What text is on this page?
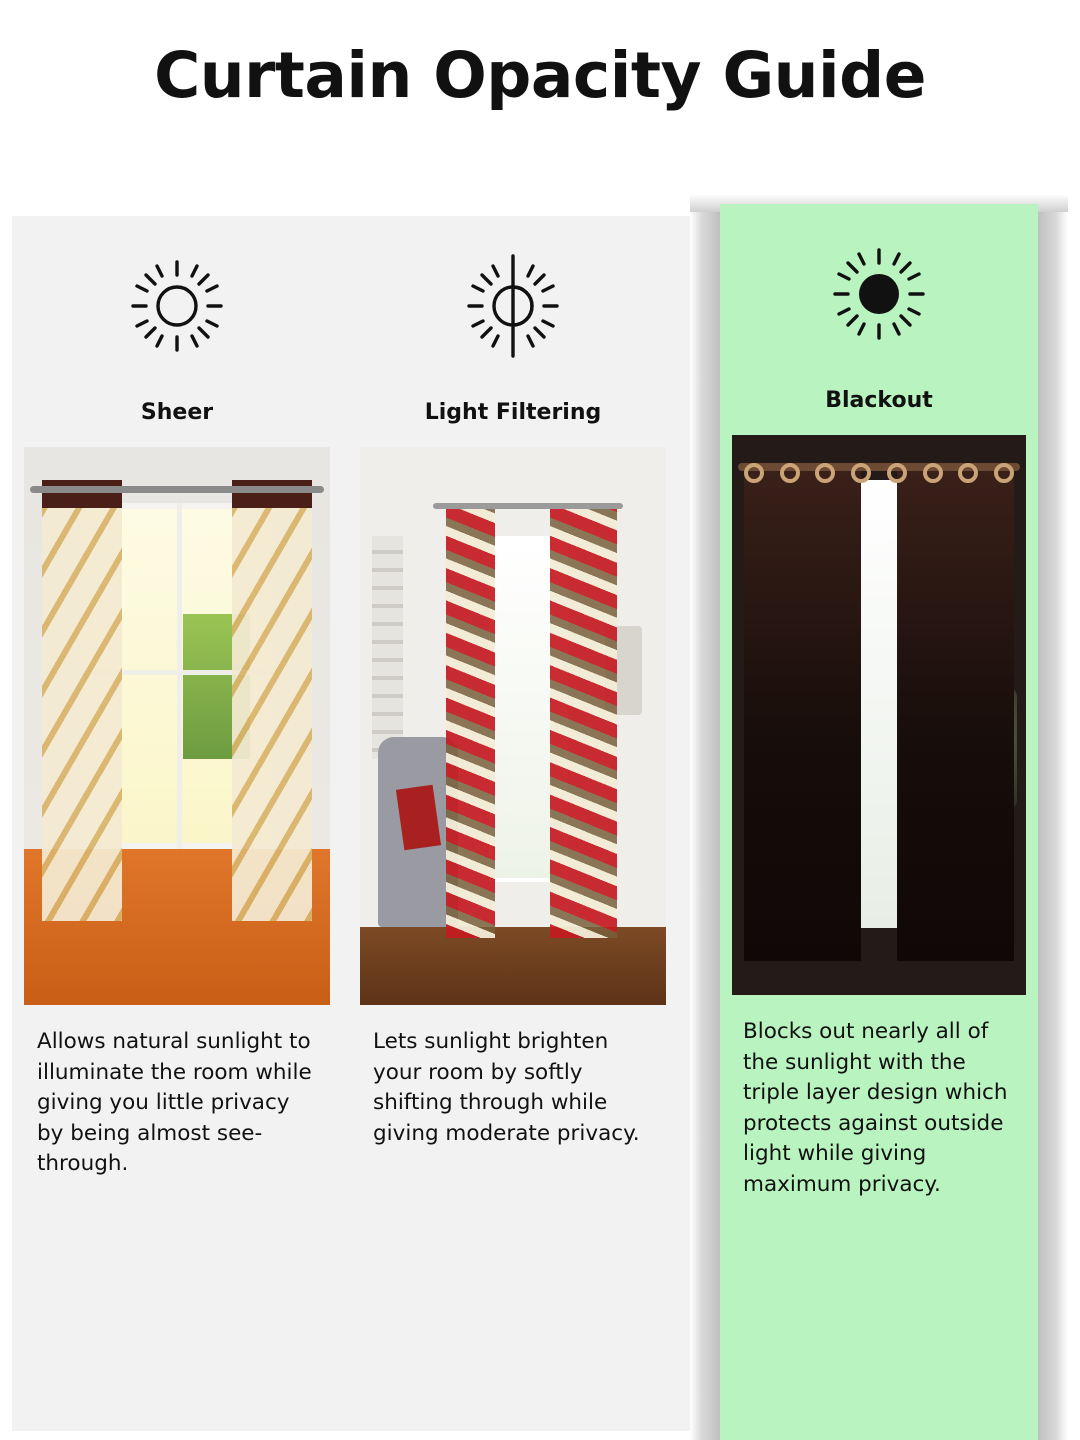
Curtain Opacity Guide
Sheer

Allows natural sunlight to illuminate the room while giving you little privacy by being almost see-through.

Light Filtering

Lets sunlight brighten your room by softly shifting through while giving moderate privacy.

Blackout

Blocks out nearly all of the sunlight with the triple layer design which protects against outside light while giving maximum privacy.
